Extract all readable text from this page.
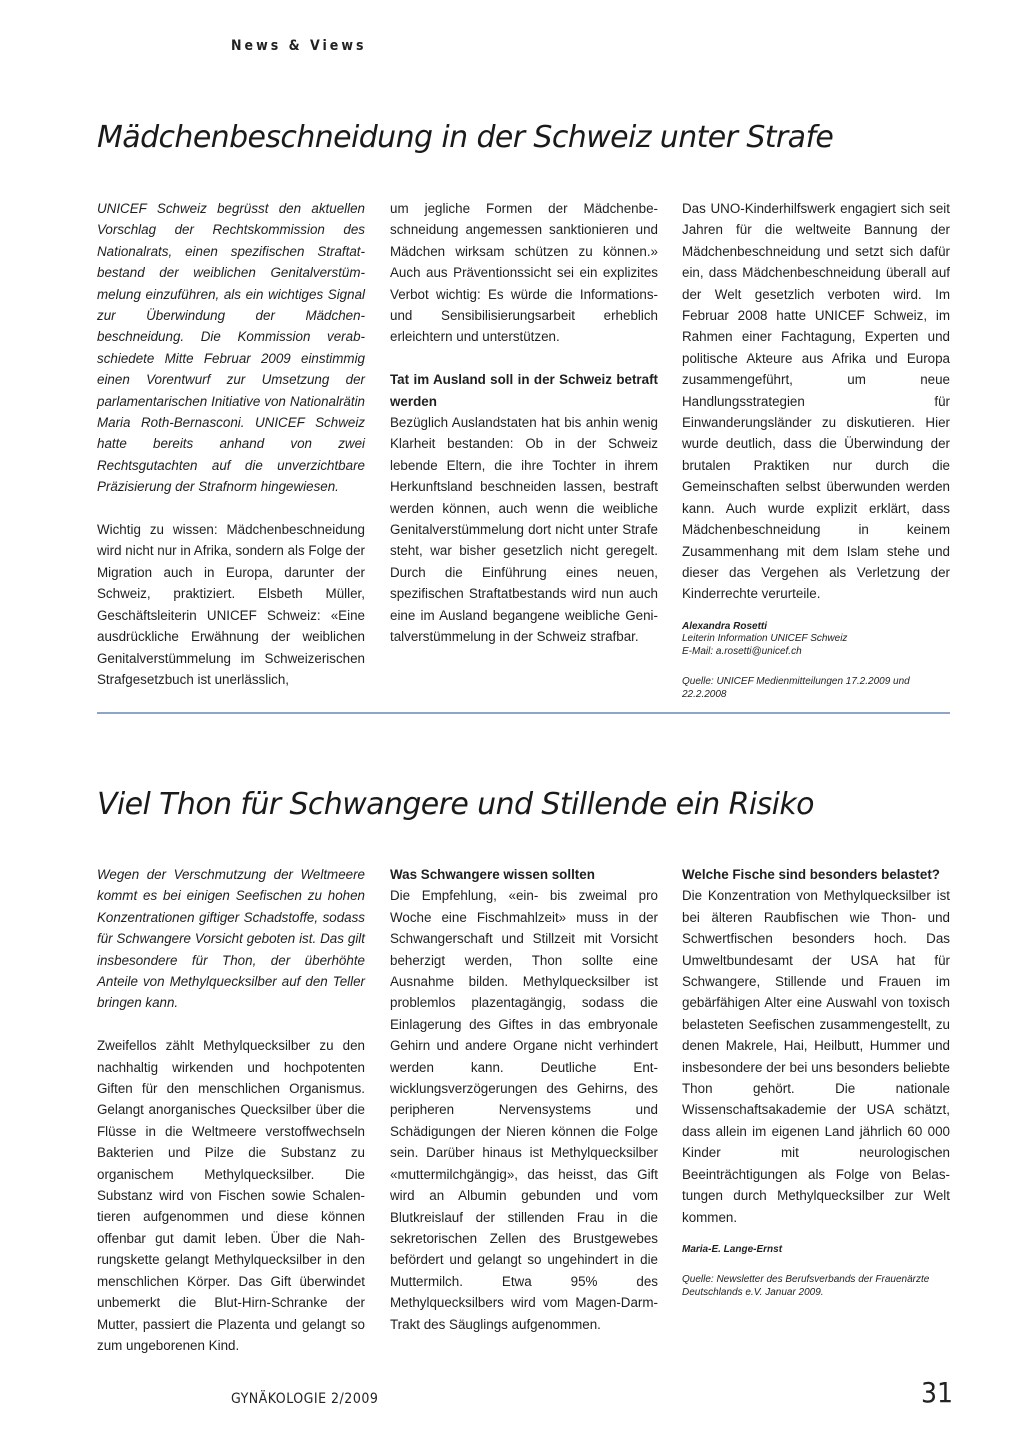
News & Views
Mädchenbeschneidung in der Schweiz unter Strafe

UNICEF Schweiz begrüsst den aktuellen Vorschlag der Rechtskommission des Nationalrats, einen spezifischen Straftatbestand der weiblichen Genitalverstümmelung einzuführen, als ein wichtiges Signal zur Überwindung der Mädchenbeschneidung. Die Kommission verabschiedete Mitte Februar 2009 einstimmig einen Vorentwurf zur Umsetzung der parlamentarischen Initiative von Nationalrätin Maria Roth-Bernasconi. UNICEF Schweiz hatte bereits anhand von zwei Rechtsgutachten auf die unverzichtbare Präzisierung der Strafnorm hingewiesen.

Wichtig zu wissen: Mädchenbeschneidung wird nicht nur in Afrika, sondern als Folge der Migration auch in Europa, darunter der Schweiz, praktiziert. Elsbeth Müller, Geschäftsleiterin UNICEF Schweiz: «Eine ausdrückliche Erwähnung der weiblichen Genitalverstümmelung im Schweizerischen Strafgesetzbuch ist unerlässlich,

um jegliche Formen der Mädchenbeschneidung angemessen sanktionieren und Mädchen wirksam schützen zu können.» Auch aus Präventionssicht sei ein explizites Verbot wichtig: Es würde die Informations- und Sensibilisierungsarbeit erheblich erleichtern und unterstützen.

Tat im Ausland soll in der Schweiz betraft werden

Bezüglich Auslandstaten hat bis anhin wenig Klarheit bestanden: Ob in der Schweiz lebende Eltern, die ihre Tochter in ihrem Herkunftsland beschneiden lassen, bestraft werden können, auch wenn die weibliche Genitalverstümmelung dort nicht unter Strafe steht, war bisher gesetzlich nicht geregelt. Durch die Einführung eines neuen, spezifischen Straftatbestands wird nun auch eine im Ausland begangene weibliche Genitalverstümmelung in der Schweiz strafbar.

Das UNO-Kinderhilfswerk engagiert sich seit Jahren für die weltweite Bannung der Mädchenbeschneidung und setzt sich dafür ein, dass Mädchenbeschneidung überall auf der Welt gesetzlich verboten wird. Im Februar 2008 hatte UNICEF Schweiz, im Rahmen einer Fachtagung, Experten und politische Akteure aus Afrika und Europa zusammengeführt, um neue Handlungsstrategien für Einwanderungsländer zu diskutieren. Hier wurde deutlich, dass die Überwindung der brutalen Praktiken nur durch die Gemeinschaften selbst überwunden werden kann. Auch wurde explizit erklärt, dass Mädchenbeschneidung in keinem Zusammenhang mit dem Islam stehe und dieser das Vergehen als Verletzung der Kinderrechte verurteile.

Alexandra Rosetti
Leiterin Information UNICEF Schweiz
E-Mail: a.rosetti@unicef.ch
Quelle: UNICEF Medienmitteilungen 17.2.2009 und 22.2.2008
Viel Thon für Schwangere und Stillende ein Risiko

Wegen der Verschmutzung der Weltmeere kommt es bei einigen Seefischen zu hohen Konzentrationen giftiger Schadstoffe, sodass für Schwangere Vorsicht geboten ist. Das gilt insbesondere für Thon, der überhöhte Anteile von Methylquecksilber auf den Teller bringen kann.

Zweifellos zählt Methylquecksilber zu den nachhaltig wirkenden und hochpotenten Giften für den menschlichen Organismus. Gelangt anorganisches Quecksilber über die Flüsse in die Weltmeere verstoffwechseln Bakterien und Pilze die Substanz zu organischem Methylquecksilber. Die Substanz wird von Fischen sowie Schalentieren aufgenommen und diese können offenbar gut damit leben. Über die Nahrungskette gelangt Methylquecksilber in den menschlichen Körper. Das Gift überwindet unbemerkt die Blut-Hirn-Schranke der Mutter, passiert die Plazenta und gelangt so zum ungeborenen Kind.

Was Schwangere wissen sollten

Die Empfehlung, «ein- bis zweimal pro Woche eine Fischmahlzeit» muss in der Schwangerschaft und Stillzeit mit Vorsicht beherzigt werden, Thon sollte eine Ausnahme bilden. Methylquecksilber ist problemlos plazentagängig, sodass die Einlagerung des Giftes in das embryonale Gehirn und andere Organe nicht verhindert werden kann. Deutliche Entwicklungsverzögerungen des Gehirns, des peripheren Nervensystems und Schädigungen der Nieren können die Folge sein. Darüber hinaus ist Methylquecksilber «muttermilchgängig», das heisst, das Gift wird an Albumin gebunden und vom Blutkreislauf der stillenden Frau in die sekretorischen Zellen des Brustgewebes befördert und gelangt so ungehindert in die Muttermilch. Etwa 95% des Methylquecksilbers wird vom Magen-Darm-Trakt des Säuglings aufgenommen.

Welche Fische sind besonders belastet?

Die Konzentration von Methylquecksilber ist bei älteren Raubfischen wie Thon- und Schwertfischen besonders hoch. Das Umweltbundesamt der USA hat für Schwangere, Stillende und Frauen im gebärfähigen Alter eine Auswahl von toxisch belasteten Seefischen zusammengestellt, zu denen Makrele, Hai, Heilbutt, Hummer und insbesondere der bei uns besonders beliebte Thon gehört. Die nationale Wissenschaftsakademie der USA schätzt, dass allein im eigenen Land jährlich 60 000 Kinder mit neurologischen Beeinträchtigungen als Folge von Belastungen durch Methylquecksilber zur Welt kommen.

Maria-E. Lange-Ernst
Quelle: Newsletter des Berufsverbands der Frauenärzte Deutschlands e.V. Januar 2009.
GYNÄKOLOGIE 2/2009	31
